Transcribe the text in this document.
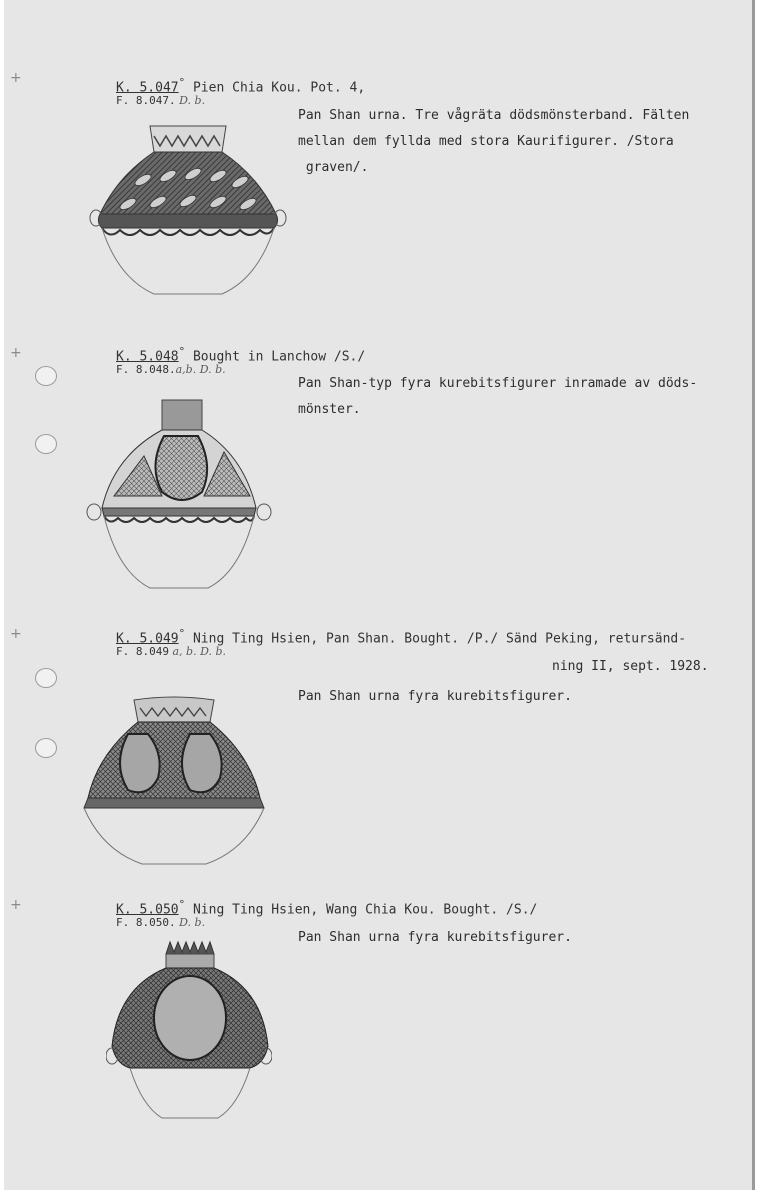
+
+
+
+
K. 5.047° Pien Chia Kou. Pot. 4,
F. 8.047. D. b.
Pan Shan urna. Tre vågräta dödsmönsterband. Fälten
mellan dem fyllda med stora Kaurifigurer. /Stora
graven/.
K. 5.048° Bought in Lanchow /S./
F. 8.048.a,b. D. b.
Pan Shan-typ fyra kurebitsfigurer inramade av döds-
mönster.
K. 5.049° Ning Ting Hsien, Pan Shan. Bought. /P./ Sänd Peking, retursänd-
ning II, sept. 1928.
F. 8.049 a, b. D. b.
Pan Shan urna fyra kurebitsfigurer.
K. 5.050° Ning Ting Hsien, Wang Chia Kou. Bought. /S./
F. 8.050. D. b.
Pan Shan urna fyra kurebitsfigurer.
